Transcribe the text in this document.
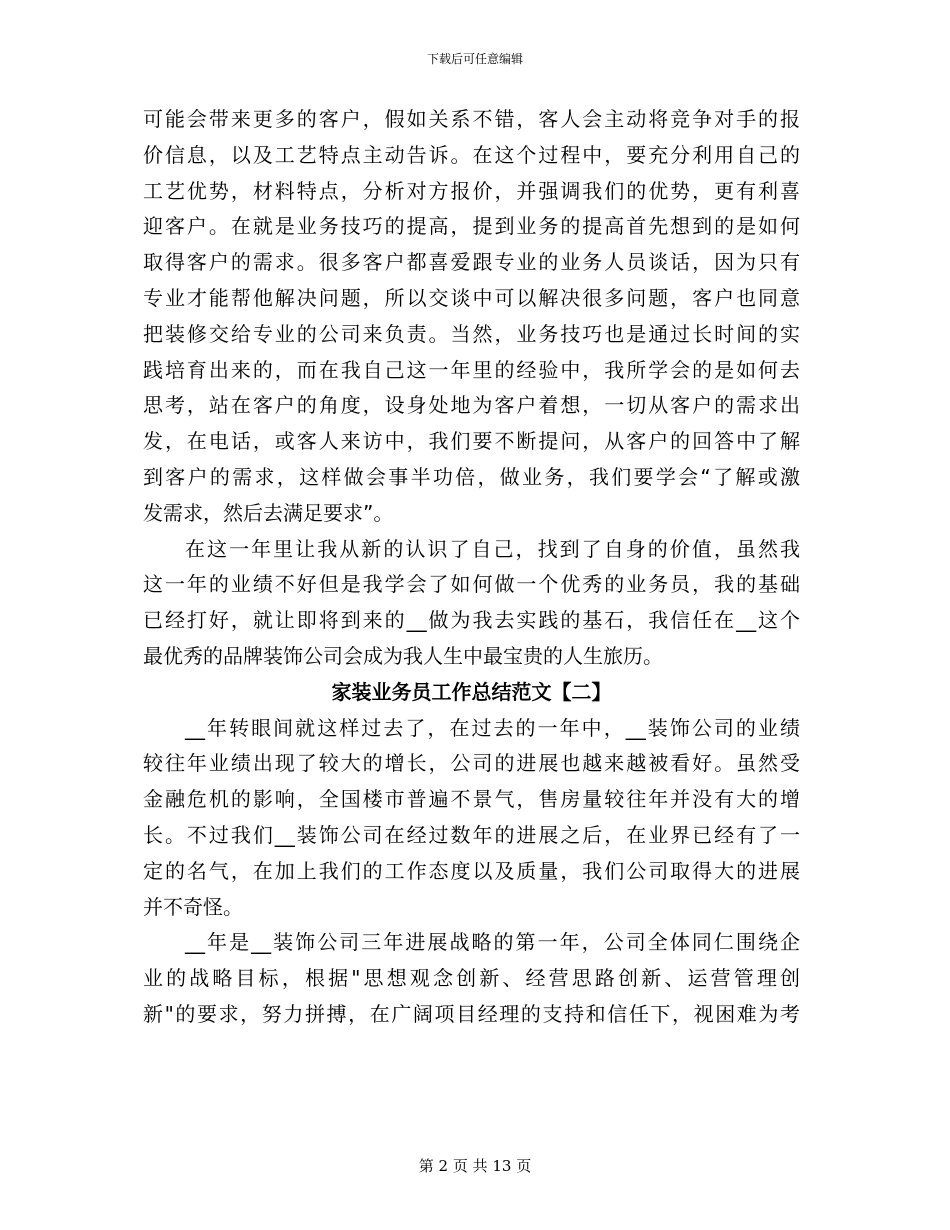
下载后可任意编辑
可能会带来更多的客户，假如关系不错，客人会主动将竞争对手的报
价信息，以及工艺特点主动告诉。在这个过程中，要充分利用自己的
工艺优势，材料特点，分析对方报价，并强调我们的优势，更有利喜
迎客户。在就是业务技巧的提高，提到业务的提高首先想到的是如何
取得客户的需求。很多客户都喜爱跟专业的业务人员谈话，因为只有
专业才能帮他解决问题，所以交谈中可以解决很多问题，客户也同意
把装修交给专业的公司来负责。当然，业务技巧也是通过长时间的实
践培育出来的，而在我自己这一年里的经验中，我所学会的是如何去
思考，站在客户的角度，设身处地为客户着想，一切从客户的需求出
发，在电话，或客人来访中，我们要不断提问，从客户的回答中了解
到客户的需求，这样做会事半功倍，做业务，我们要学会“了解或激
发需求，然后去满足要求”。
在这一年里让我从新的认识了自己，找到了自身的价值，虽然我
这一年的业绩不好但是我学会了如何做一个优秀的业务员，我的基础
已经打好，就让即将到来的__做为我去实践的基石，我信任在__这个
最优秀的品牌装饰公司会成为我人生中最宝贵的人生旅历。
家装业务员工作总结范文【二】
__年转眼间就这样过去了，在过去的一年中，__装饰公司的业绩
较往年业绩出现了较大的增长，公司的进展也越来越被看好。虽然受
金融危机的影响，全国楼市普遍不景气，售房量较往年并没有大的增
长。不过我们__装饰公司在经过数年的进展之后，在业界已经有了一
定的名气，在加上我们的工作态度以及质量，我们公司取得大的进展
并不奇怪。
__年是__装饰公司三年进展战略的第一年，公司全体同仁围绕企
业的战略目标，根据"思想观念创新、经营思路创新、运营管理创
新"的要求，努力拼搏，在广阔项目经理的支持和信任下，视困难为考
第 2 页 共 13 页
